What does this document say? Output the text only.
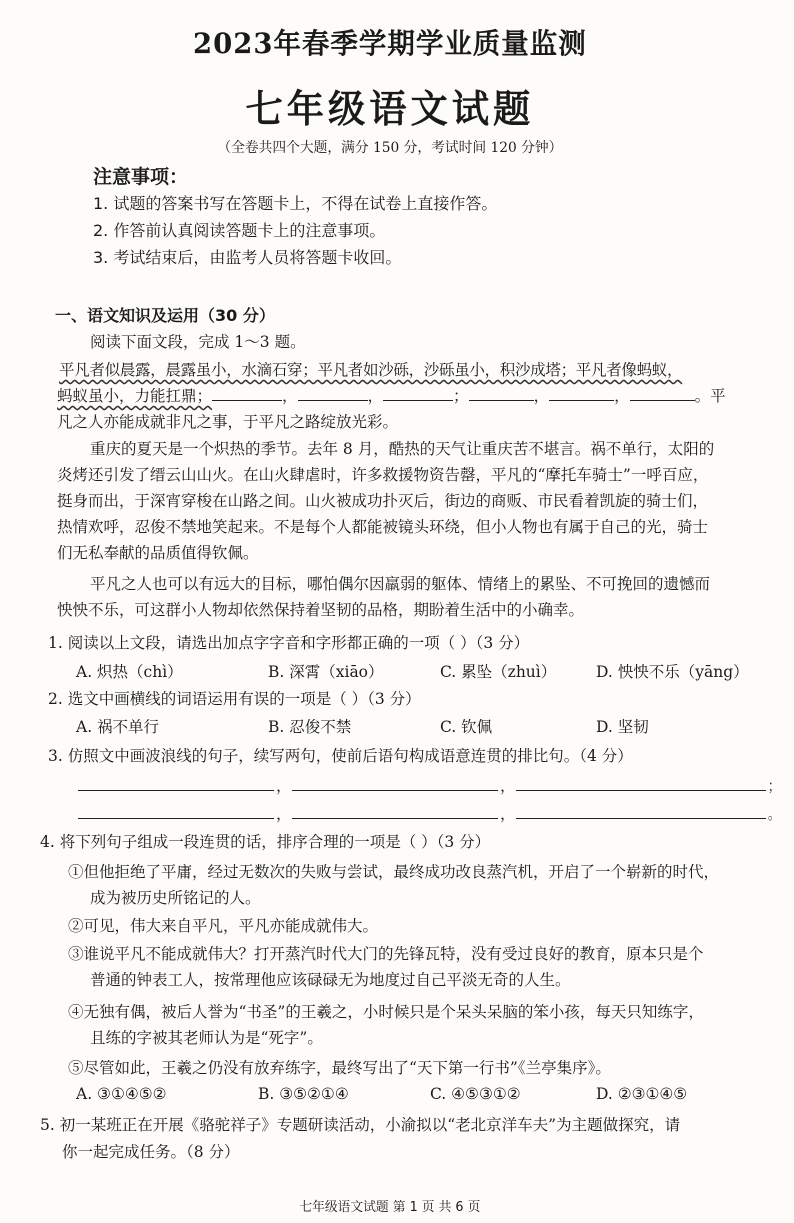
2023年春季学期学业质量监测
七年级语文试题
（全卷共四个大题，满分 150 分，考试时间 120 分钟）
注意事项：
1. 试题的答案书写在答题卡上，不得在试卷上直接作答。
2. 作答前认真阅读答题卡上的注意事项。
3. 考试结束后，由监考人员将答题卡收回。
一、语文知识及运用（30 分）
阅读下面文段，完成 1～3 题。
平凡者似晨露，晨露虽小，水滴石穿；平凡者如沙砾，沙砾虽小，积沙成塔；平凡者像蚂蚁，
蚂蚁虽小，力能扛鼎；	，	，	；	，	，	。平
凡之人亦能成就非凡之事，于平凡之路绽放光彩。
重庆的夏天是一个炽热的季节。去年 8 月，酷热的天气让重庆苦不堪言。祸不单行，太阳的
炎烤还引发了缙云山山火。在山火肆虐时，许多救援物资告罄，平凡的“摩托车骑士”一呼百应，
挺身而出，于深宵穿梭在山路之间。山火被成功扑灭后，街边的商贩、市民看着凯旋的骑士们，
热情欢呼，忍俊不禁地笑起来。不是每个人都能被镜头环绕，但小人物也有属于自己的光，骑士
们无私奉献的品质值得钦佩。
平凡之人也可以有远大的目标，哪怕偶尔因羸弱的躯体、情绪上的累坠、不可挽回的遗憾而
怏怏不乐，可这群小人物却依然保持着坚韧的品格，期盼着生活中的小确幸。
1. 阅读以上文段，请选出加点字字音和字形都正确的一项（ ）（3 分）
A. 炽热（chì）	B. 深霄（xiāo）	C. 累坠（zhuì）	D. 怏怏不乐（yāng）
2. 选文中画横线的词语运用有误的一项是（ ）（3 分）
A. 祸不单行	B. 忍俊不禁	C. 钦佩	D. 坚韧
3. 仿照文中画波浪线的句子，续写两句，使前后语句构成语意连贯的排比句。（4 分）
，	，	；
，	，	。
4. 将下列句子组成一段连贯的话，排序合理的一项是（ ）（3 分）
①但他拒绝了平庸，经过无数次的失败与尝试，最终成功改良蒸汽机，开启了一个崭新的时代，
成为被历史所铭记的人。
②可见，伟大来自平凡，平凡亦能成就伟大。
③谁说平凡不能成就伟大？打开蒸汽时代大门的先锋瓦特，没有受过良好的教育，原本只是个
普通的钟表工人，按常理他应该碌碌无为地度过自己平淡无奇的人生。
④无独有偶，被后人誉为“书圣”的王羲之，小时候只是个呆头呆脑的笨小孩，每天只知练字，
且练的字被其老师认为是“死字”。
⑤尽管如此，王羲之仍没有放弃练字，最终写出了“天下第一行书”《兰亭集序》。
A. ③①④⑤②	B. ③⑤②①④	C. ④⑤③①②	D. ②③①④⑤
5. 初一某班正在开展《骆驼祥子》专题研读活动，小渝拟以“老北京洋车夫”为主题做探究，请
你一起完成任务。（8 分）
七年级语文试题 第 1 页 共 6 页
